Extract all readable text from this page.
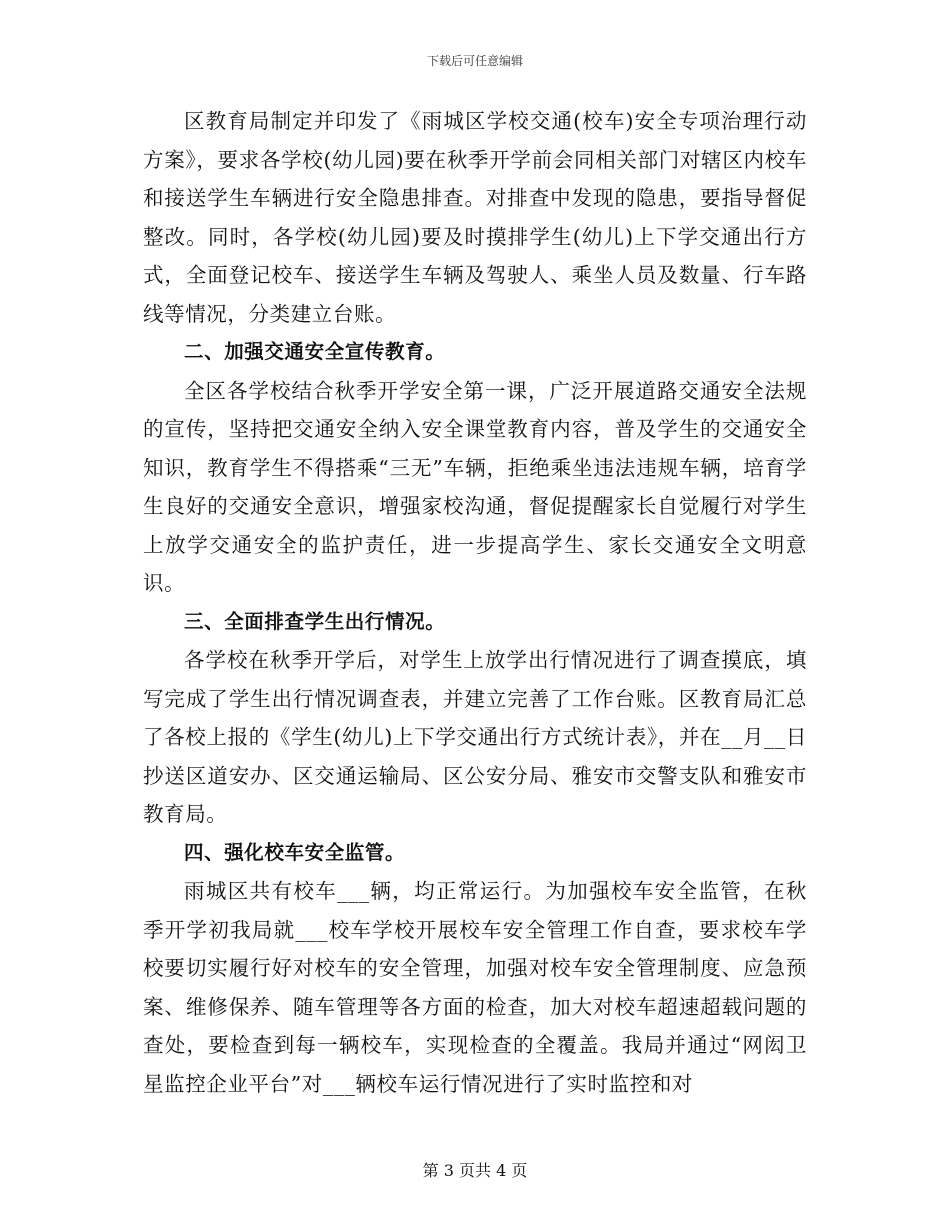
下载后可任意编辑

区教育局制定并印发了《雨城区学校交通(校车)安全专项治理行动方案》，要求各学校(幼儿园)要在秋季开学前会同相关部门对辖区内校车和接送学生车辆进行安全隐患排查。对排查中发现的隐患，要指导督促整改。同时，各学校(幼儿园)要及时摸排学生(幼儿)上下学交通出行方式，全面登记校车、接送学生车辆及驾驶人、乘坐人员及数量、行车路线等情况，分类建立台账。

二、加强交通安全宣传教育。

全区各学校结合秋季开学安全第一课，广泛开展道路交通安全法规的宣传，坚持把交通安全纳入安全课堂教育内容，普及学生的交通安全知识，教育学生不得搭乘“三无”车辆，拒绝乘坐违法违规车辆，培育学生良好的交通安全意识，增强家校沟通，督促提醒家长自觉履行对学生上放学交通安全的监护责任，进一步提高学生、家长交通安全文明意识。

三、全面排查学生出行情况。

各学校在秋季开学后，对学生上放学出行情况进行了调查摸底，填写完成了学生出行情况调查表，并建立完善了工作台账。区教育局汇总了各校上报的《学生(幼儿)上下学交通出行方式统计表》，并在__月__日抄送区道安办、区交通运输局、区公安分局、雅安市交警支队和雅安市教育局。

四、强化校车安全监管。

雨城区共有校车___辆，均正常运行。为加强校车安全监管，在秋季开学初我局就___校车学校开展校车安全管理工作自查，要求校车学校要切实履行好对校车的安全管理，加强对校车安全管理制度、应急预案、维修保养、随车管理等各方面的检查，加大对校车超速超载问题的查处，要检查到每一辆校车，实现检查的全覆盖。我局并通过“网闳卫星监控企业平台”对___辆校车运行情况进行了实时监控和对

第 3 页共 4 页
